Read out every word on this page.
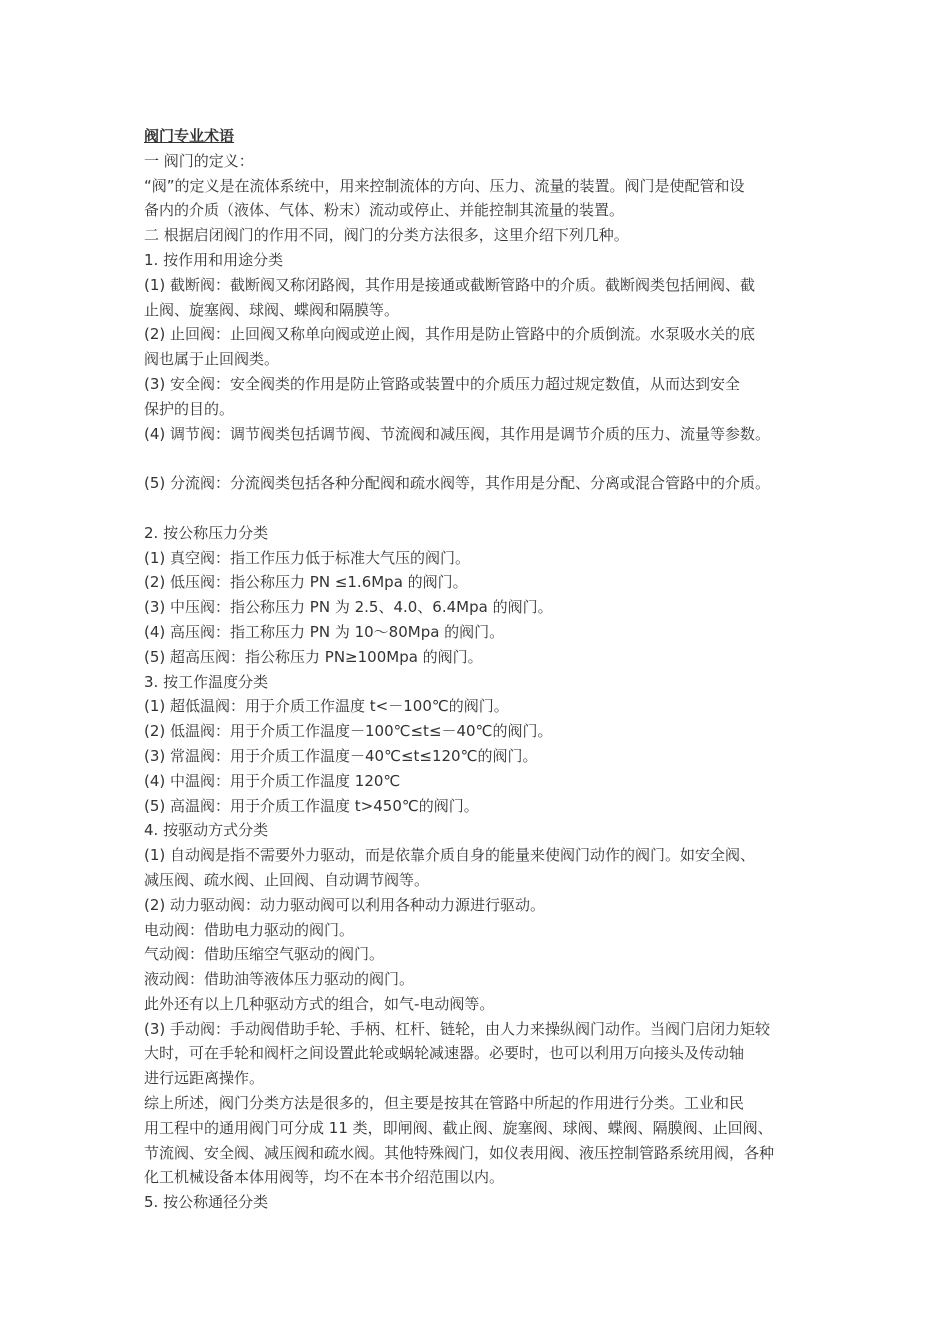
阀门专业术语
一 阀门的定义：
“阀”的定义是在流体系统中，用来控制流体的方向、压力、流量的装置。阀门是使配管和设
备内的介质（液体、气体、粉末）流动或停止、并能控制其流量的装置。
二 根据启闭阀门的作用不同，阀门的分类方法很多，这里介绍下列几种。
1. 按作用和用途分类
(1) 截断阀：截断阀又称闭路阀，其作用是接通或截断管路中的介质。截断阀类包括闸阀、截
止阀、旋塞阀、球阀、蝶阀和隔膜等。
(2) 止回阀：止回阀又称单向阀或逆止阀，其作用是防止管路中的介质倒流。水泵吸水关的底
阀也属于止回阀类。
(3) 安全阀：安全阀类的作用是防止管路或装置中的介质压力超过规定数值，从而达到安全
保护的目的。
(4) 调节阀：调节阀类包括调节阀、节流阀和减压阀，其作用是调节介质的压力、流量等参数。
(5) 分流阀：分流阀类包括各种分配阀和疏水阀等，其作用是分配、分离或混合管路中的介质。
2. 按公称压力分类
(1) 真空阀：指工作压力低于标准大气压的阀门。
(2) 低压阀：指公称压力 PN ≤1.6Mpa 的阀门。
(3) 中压阀：指公称压力 PN 为 2.5、4.0、6.4Mpa 的阀门。
(4) 高压阀：指工称压力 PN 为 10～80Mpa 的阀门。
(5) 超高压阀：指公称压力 PN≥100Mpa 的阀门。
3. 按工作温度分类
(1) 超低温阀：用于介质工作温度 t<－100℃的阀门。
(2) 低温阀：用于介质工作温度－100℃≤t≤－40℃的阀门。
(3) 常温阀：用于介质工作温度－40℃≤t≤120℃的阀门。
(4) 中温阀：用于介质工作温度 120℃
(5) 高温阀：用于介质工作温度 t>450℃的阀门。
4. 按驱动方式分类
(1) 自动阀是指不需要外力驱动，而是依靠介质自身的能量来使阀门动作的阀门。如安全阀、
减压阀、疏水阀、止回阀、自动调节阀等。
(2) 动力驱动阀：动力驱动阀可以利用各种动力源进行驱动。
电动阀：借助电力驱动的阀门。
气动阀：借助压缩空气驱动的阀门。
液动阀：借助油等液体压力驱动的阀门。
此外还有以上几种驱动方式的组合，如气-电动阀等。
(3) 手动阀：手动阀借助手轮、手柄、杠杆、链轮，由人力来操纵阀门动作。当阀门启闭力矩较
大时，可在手轮和阀杆之间设置此轮或蜗轮减速器。必要时，也可以利用万向接头及传动轴
进行远距离操作。
综上所述，阀门分类方法是很多的，但主要是按其在管路中所起的作用进行分类。工业和民
用工程中的通用阀门可分成 11 类，即闸阀、截止阀、旋塞阀、球阀、蝶阀、隔膜阀、止回阀、
节流阀、安全阀、减压阀和疏水阀。其他特殊阀门，如仪表用阀、液压控制管路系统用阀，各种
化工机械设备本体用阀等，均不在本书介绍范围以内。
5. 按公称通径分类
